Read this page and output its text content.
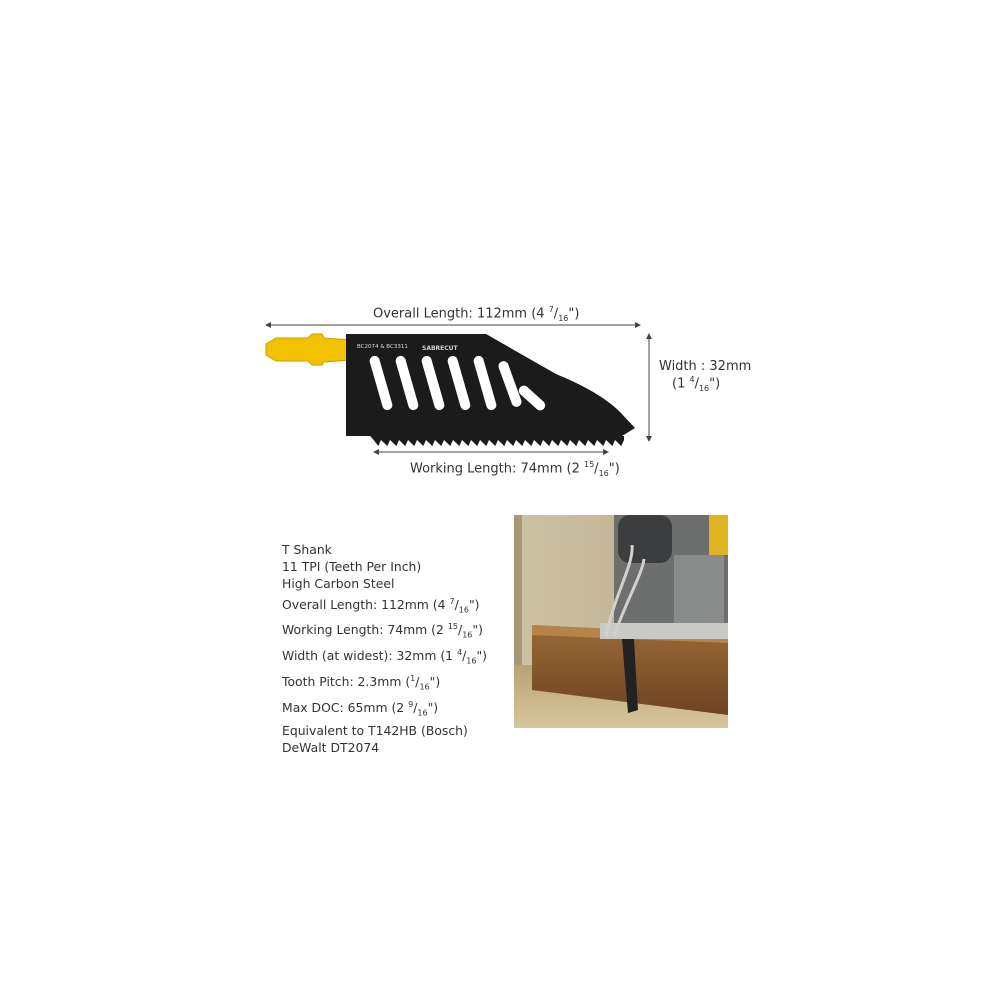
Overall Length: 112mm (4 $^7/_{16}$")
Width : 32mm
(1 $^4/_{16}$")
Working Length: 74mm (2 $^{15}/_{16}$")
BC2074 & BC3311 SABRECUT
T Shank
11 TPI (Teeth Per Inch)
High Carbon Steel
Overall Length: 112mm (4 $^7/_{16}$")
Working Length: 74mm (2 $^{15}/_{16}$")
Width (at widest): 32mm (1 $^4/_{16}$")
Tooth Pitch: 2.3mm $(^1/_{16}")$
Max DOC: 65mm (2 $^9/_{16}$")
Equivalent to T142HB (Bosch)
DeWalt DT2074
